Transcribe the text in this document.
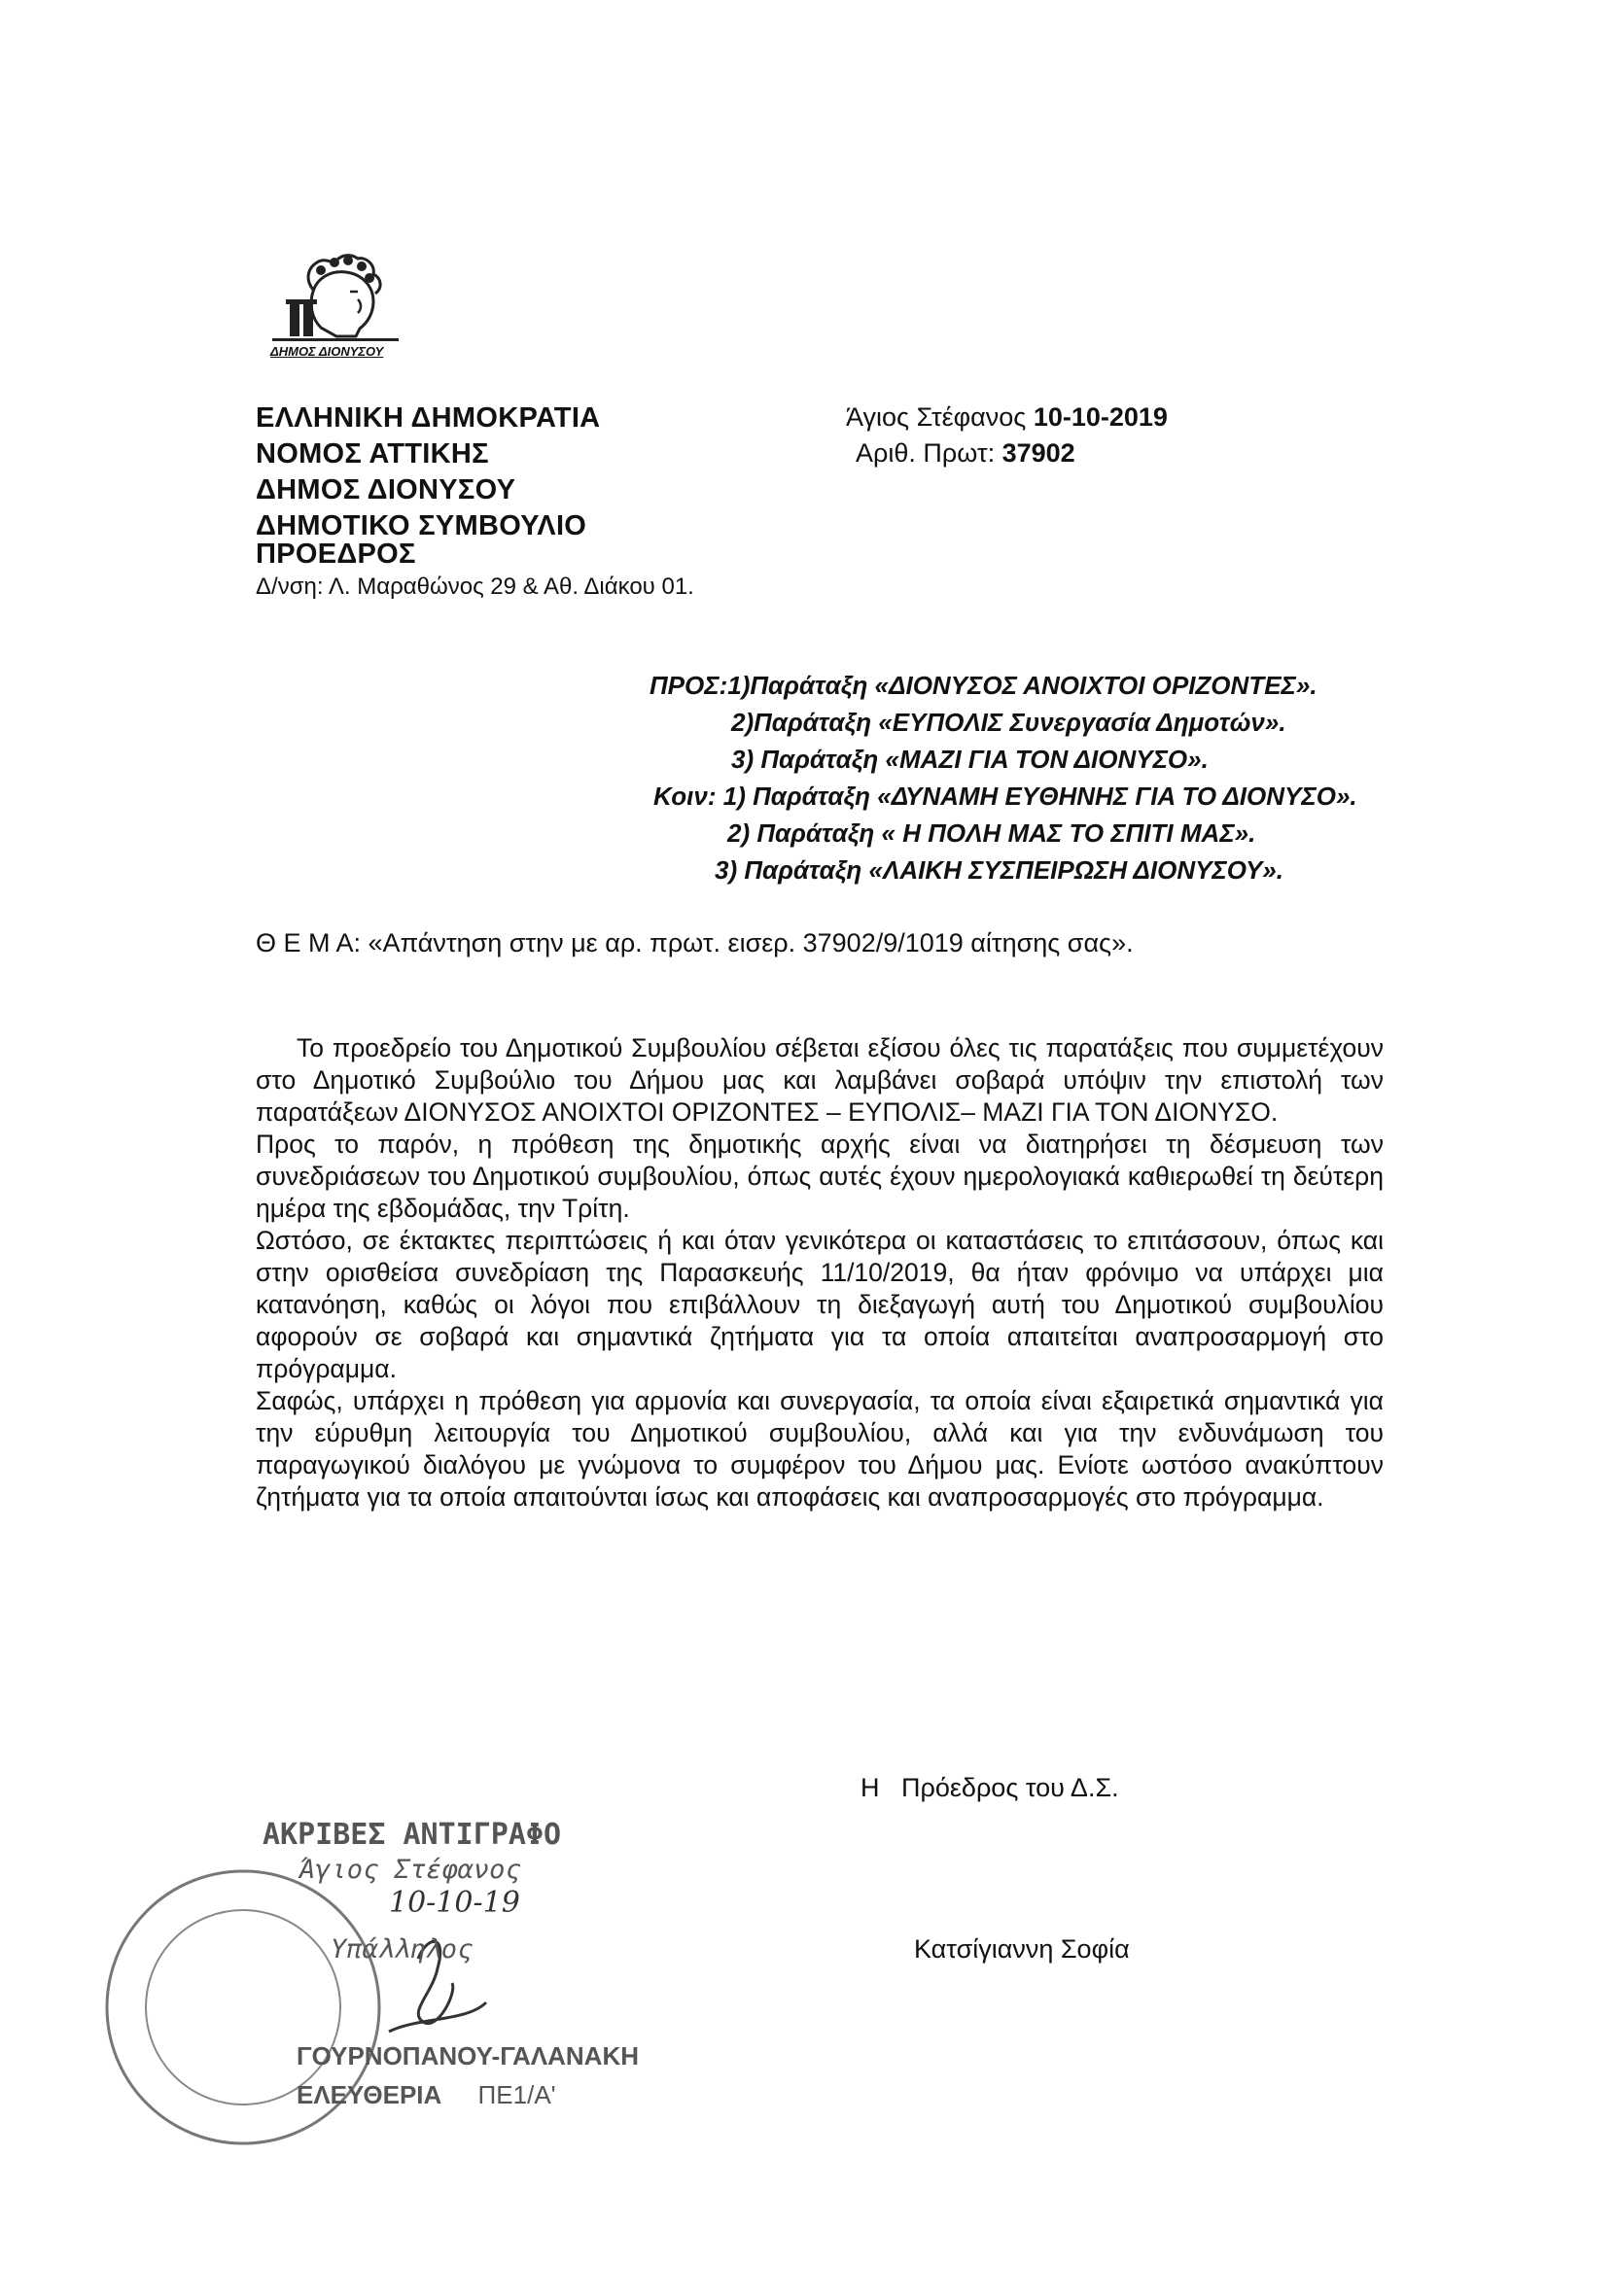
ΔΗΜΟΣ ΔΙΟΝΥΣΟΥ
ΕΛΛΗΝΙΚΗ ΔΗΜΟΚΡΑΤΙΑ
ΝΟΜΟΣ ΑΤΤΙΚΗΣ
ΔΗΜΟΣ ΔΙΟΝΥΣΟΥ
ΔΗΜΟΤΙΚΟ ΣΥΜΒΟΥΛΙΟ
ΠΡΟΕΔΡΟΣ
Δ/νση: Λ. Μαραθώνος 29 & Αθ. Διάκου 01.
Άγιος Στέφανος 10-10-2019
Αριθ. Πρωτ: 37902
ΠΡΟΣ:1)Παράταξη «ΔΙΟΝΥΣΟΣ ΑΝΟΙΧΤΟΙ ΟΡΙΖΟΝΤΕΣ».
2)Παράταξη «ΕΥΠΟΛΙΣ Συνεργασία Δημοτών».
3) Παράταξη «ΜΑΖΙ ΓΙΑ ΤΟΝ ΔΙΟΝΥΣΟ».
Κοιν: 1) Παράταξη «ΔΥΝΑΜΗ ΕΥΘΗΝΗΣ ΓΙΑ ΤΟ ΔΙΟΝΥΣΟ».
2) Παράταξη « Η ΠΟΛΗ ΜΑΣ ΤΟ ΣΠΙΤΙ ΜΑΣ».
3) Παράταξη «ΛΑΙΚΗ ΣΥΣΠΕΙΡΩΣΗ ΔΙΟΝΥΣΟΥ».
Θ Ε Μ Α: «Απάντηση στην με αρ. πρωτ. εισερ. 37902/9/1019 αίτησης σας».

Το προεδρείο του Δημοτικού Συμβουλίου σέβεται εξίσου όλες τις παρατάξεις που συμμετέχουν στο Δημοτικό Συμβούλιο του Δήμου μας και λαμβάνει σοβαρά υπόψιν την επιστολή των παρατάξεων ΔΙΟΝΥΣΟΣ ΑΝΟΙΧΤΟΙ ΟΡΙΖΟΝΤΕΣ – ΕΥΠΟΛΙΣ– ΜΑΖΙ ΓΙΑ ΤΟΝ ΔΙΟΝΥΣΟ.

Προς το παρόν, η πρόθεση της δημοτικής αρχής είναι να διατηρήσει τη δέσμευση των συνεδριάσεων του Δημοτικού συμβουλίου, όπως αυτές έχουν ημερολογιακά καθιερωθεί τη δεύτερη ημέρα της εβδομάδας, την Τρίτη.

Ωστόσο, σε έκτακτες περιπτώσεις ή και όταν γενικότερα οι καταστάσεις το επιτάσσουν, όπως και στην ορισθείσα συνεδρίαση της Παρασκευής 11/10/2019, θα ήταν φρόνιμο να υπάρχει μια κατανόηση, καθώς οι λόγοι που επιβάλλουν τη διεξαγωγή αυτή του Δημοτικού συμβουλίου αφορούν σε σοβαρά και σημαντικά ζητήματα για τα οποία απαιτείται αναπροσαρμογή στο πρόγραμμα.

Σαφώς, υπάρχει η πρόθεση για αρμονία και συνεργασία, τα οποία είναι εξαιρετικά σημαντικά για την εύρυθμη λειτουργία του Δημοτικού συμβουλίου, αλλά και για την ενδυνάμωση του παραγωγικού διαλόγου με γνώμονα το συμφέρον του Δήμου μας. Ενίοτε ωστόσο ανακύπτουν ζητήματα για τα οποία απαιτούνται ίσως και αποφάσεις και αναπροσαρμογές στο πρόγραμμα.

Η   Πρόεδρος του Δ.Σ.
Κατσίγιαννη Σοφία
ΑΚΡΙΒΕΣ ΑΝΤΙΓΡΑΦΟ
Άγιος Στέφανος
10-10-19
Υπάλληλος
ΓΟΥΡΝΟΠΑΝΟΥ-ΓΑΛΑΝΑΚΗ
ΕΛΕΥΘΕΡΙΑ ΠΕ1/Α'
